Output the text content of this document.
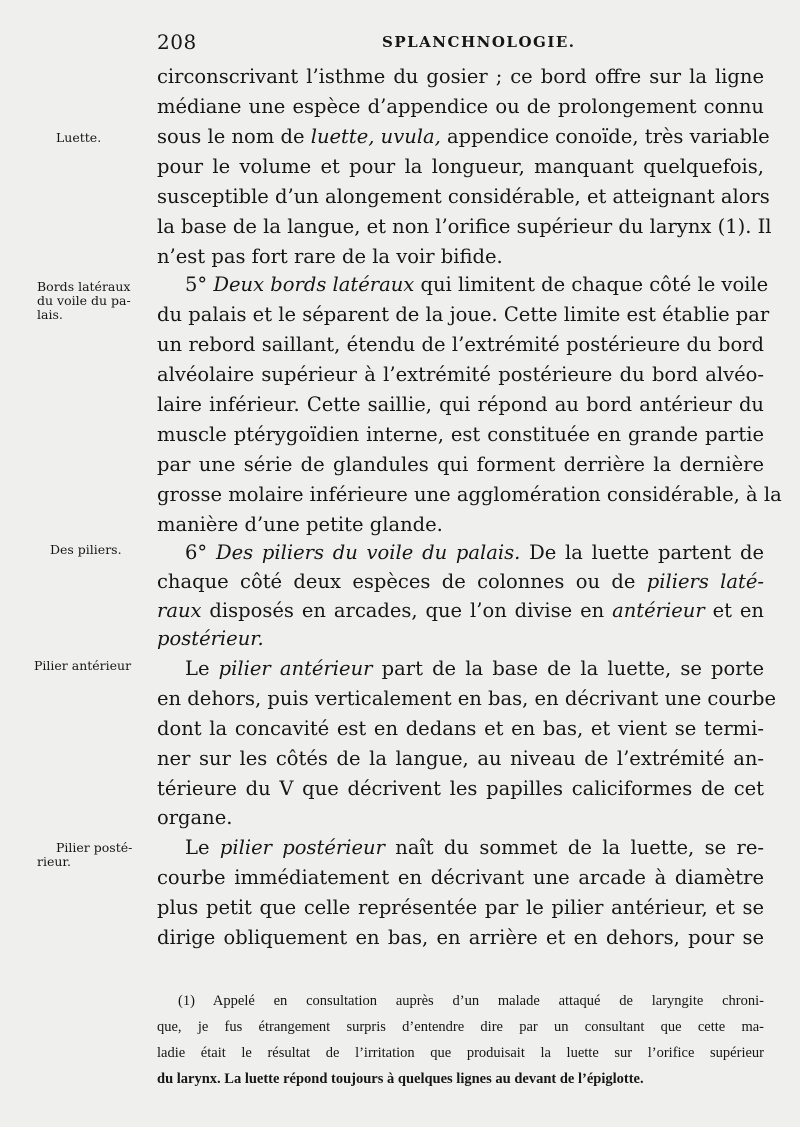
208	SPLANCHNOLOGIE.
Luette.
Bords latéraux
du voile du pa-
lais.
Des piliers.
Pilier antérieur
Pilier posté-
rieur.
circonscrivant l’isthme du gosier ; ce bord offre sur la ligne
médiane une espèce d’appendice ou de prolongement connu
sous le nom de luette, uvula, appendice conoïde, très variable
pour le volume et pour la longueur, manquant quelquefois,
susceptible d’un alongement considérable, et atteignant alors
la base de la langue, et non l’orifice supérieur du larynx (1). Il
n’est pas fort rare de la voir bifide.
5° Deux bords latéraux qui limitent de chaque côté le voile
du palais et le séparent de la joue. Cette limite est établie par
un rebord saillant, étendu de l’extrémité postérieure du bord
alvéolaire supérieur à l’extrémité postérieure du bord alvéo-
laire inférieur. Cette saillie, qui répond au bord antérieur du
muscle ptérygoïdien interne, est constituée en grande partie
par une série de glandules qui forment derrière la dernière
grosse molaire inférieure une agglomération considérable, à la
manière d’une petite glande.
6° Des piliers du voile du palais. De la luette partent de
chaque côté deux espèces de colonnes ou de piliers laté-
raux disposés en arcades, que l’on divise en antérieur et en
postérieur.
Le pilier antérieur part de la base de la luette, se porte
en dehors, puis verticalement en bas, en décrivant une courbe
dont la concavité est en dedans et en bas, et vient se termi-
ner sur les côtés de la langue, au niveau de l’extrémité an-
térieure du V que décrivent les papilles caliciformes de cet
organe.
Le pilier postérieur naît du sommet de la luette, se re-
courbe immédiatement en décrivant une arcade à diamètre
plus petit que celle représentée par le pilier antérieur, et se
dirige obliquement en bas, en arrière et en dehors, pour se
(1) Appelé en consultation auprès d’un malade attaqué de laryngite chroni-
que, je fus étrangement surpris d’entendre dire par un consultant que cette ma-
ladie était le résultat de l’irritation que produisait la luette sur l’orifice supérieur
du larynx. La luette répond toujours à quelques lignes au devant de l’épiglotte.
